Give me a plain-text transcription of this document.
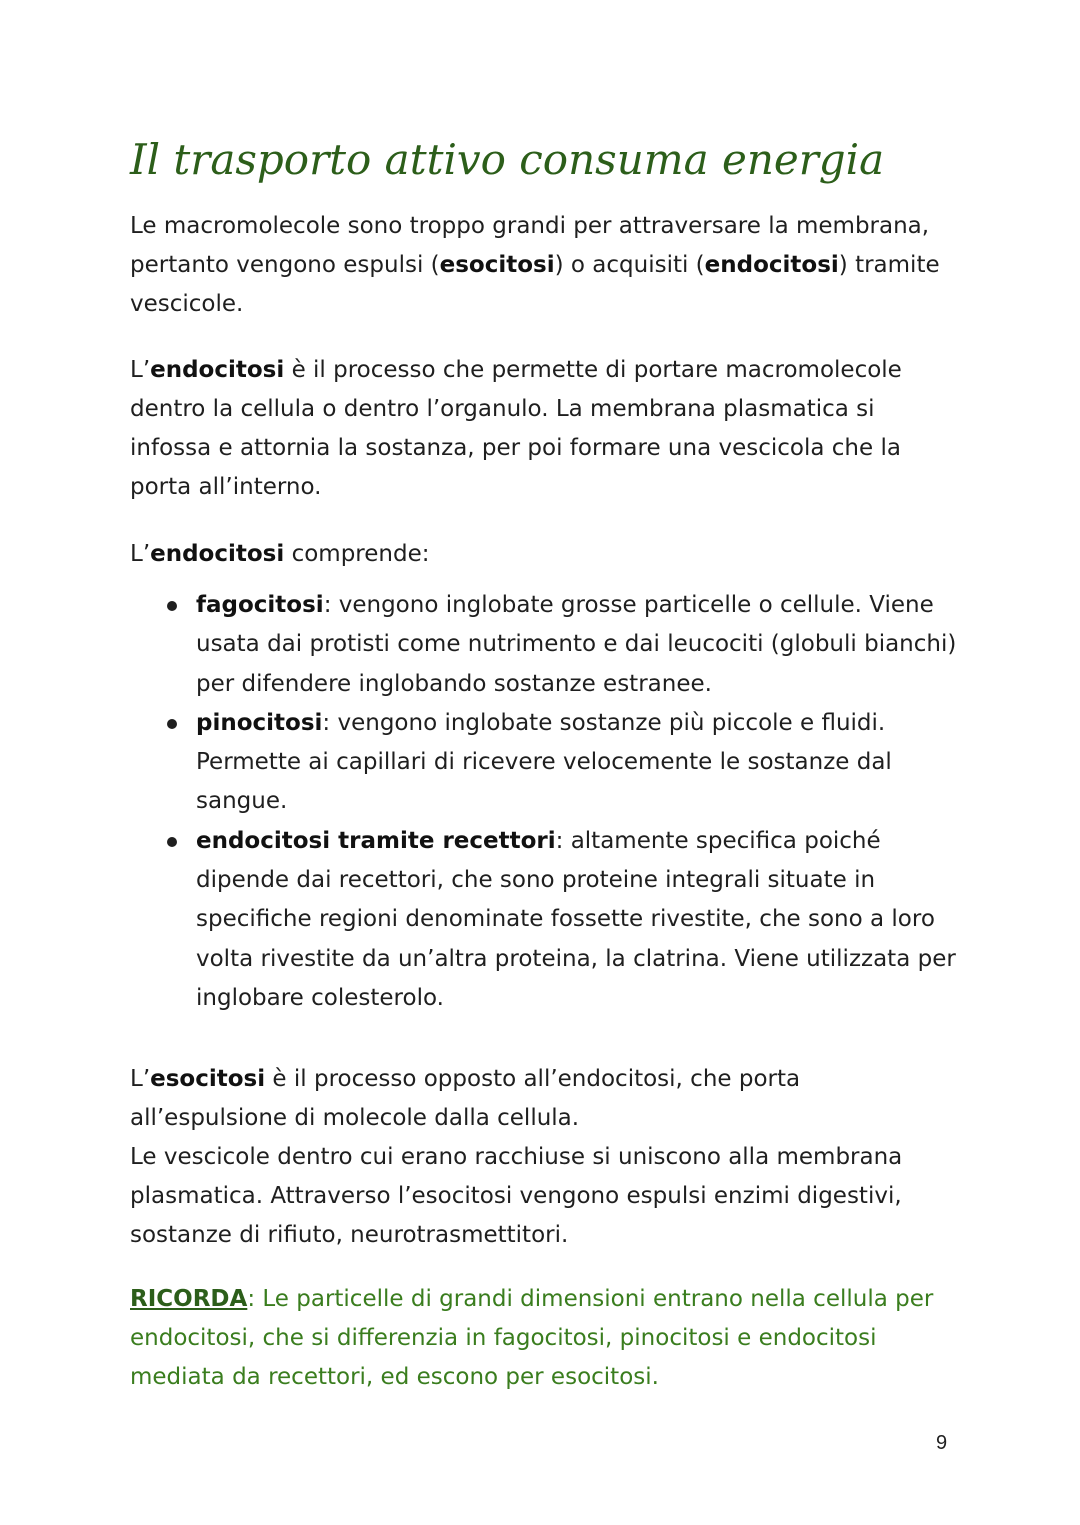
Il trasporto attivo consuma energia

Le macromolecole sono troppo grandi per attraversare la membrana, pertanto vengono espulsi (esocitosi) o acquisiti (endocitosi) tramite vescicole.

L’endocitosi è il processo che permette di portare macromolecole dentro la cellula o dentro l’organulo. La membrana plasmatica si infossa e attornia la sostanza, per poi formare una vescicola che la porta all’interno.

L’endocitosi comprende:

fagocitosi: vengono inglobate grosse particelle o cellule. Viene usata dai protisti come nutrimento e dai leucociti (globuli bianchi) per difendere inglobando sostanze estranee.
pinocitosi: vengono inglobate sostanze più piccole e fluidi. Permette ai capillari di ricevere velocemente le sostanze dal sangue.
endocitosi tramite recettori: altamente specifica poiché dipende dai recettori, che sono proteine integrali situate in specifiche regioni denominate fossette rivestite, che sono a loro volta rivestite da un’altra proteina, la clatrina. Viene utilizzata per inglobare colesterolo.

L’esocitosi è il processo opposto all’endocitosi, che porta all’espulsione di molecole dalla cellula.

Le vescicole dentro cui erano racchiuse si uniscono alla membrana plasmatica. Attraverso l’esocitosi vengono espulsi enzimi digestivi, sostanze di rifiuto, neurotrasmettitori.

RICORDA: Le particelle di grandi dimensioni entrano nella cellula per endocitosi, che si differenzia in fagocitosi, pinocitosi e endocitosi mediata da recettori, ed escono per esocitosi.

9
